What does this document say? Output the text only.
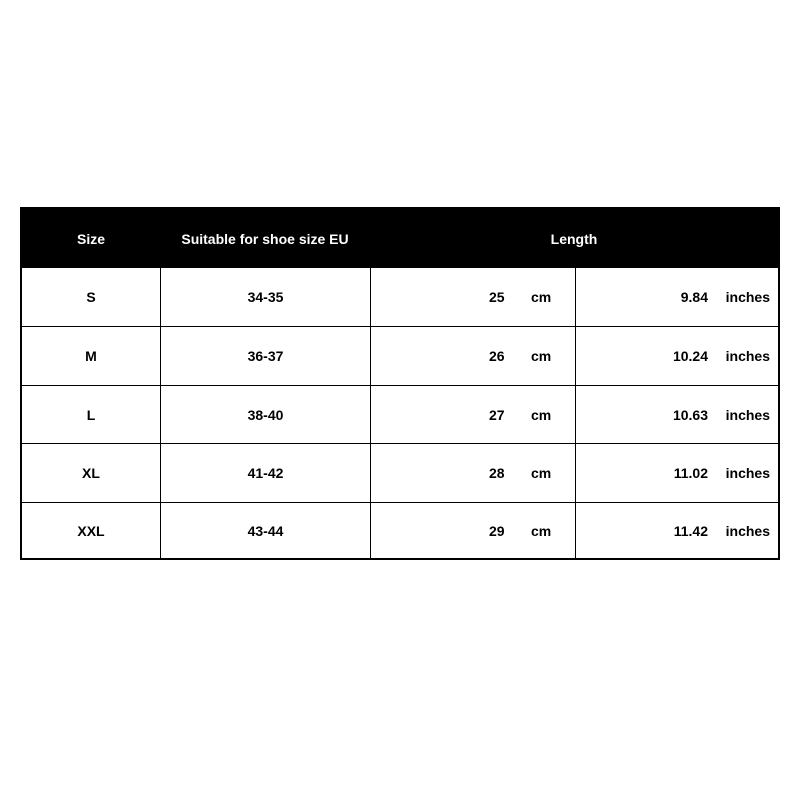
Size	Suitable for shoe size EU	Length
S	34-35	25 cm	9.84 inches
M	36-37	26 cm	10.24 inches
L	38-40	27 cm	10.63 inches
XL	41-42	28 cm	11.02 inches
XXL	43-44	29 cm	11.42 inches
